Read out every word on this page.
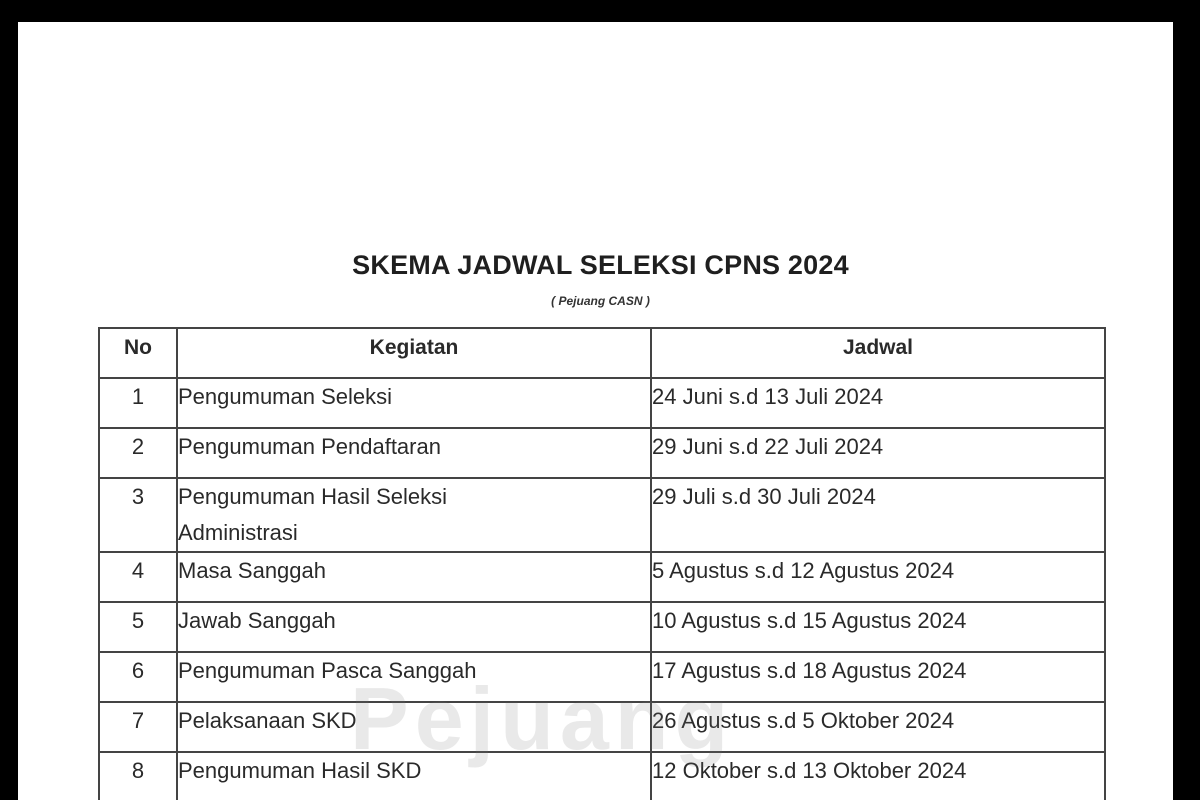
SKEMA JADWAL SELEKSI CPNS 2024
( Pejuang CASN )
No	Kegiatan	Jadwal
1	Pengumuman Seleksi	24 Juni s.d 13 Juli 2024
2	Pengumuman Pendaftaran	29 Juni s.d 22 Juli 2024
3	Pengumuman Hasil Seleksi
Administrasi	29 Juli s.d 30 Juli 2024
4	Masa Sanggah	5 Agustus s.d 12 Agustus 2024
5	Jawab Sanggah	10 Agustus s.d 15 Agustus 2024
6	Pengumuman Pasca Sanggah	17 Agustus s.d 18 Agustus 2024
7	Pelaksanaan SKD	26 Agustus s.d 5 Oktober 2024
8	Pengumuman Hasil SKD	12 Oktober s.d 13 Oktober 2024
